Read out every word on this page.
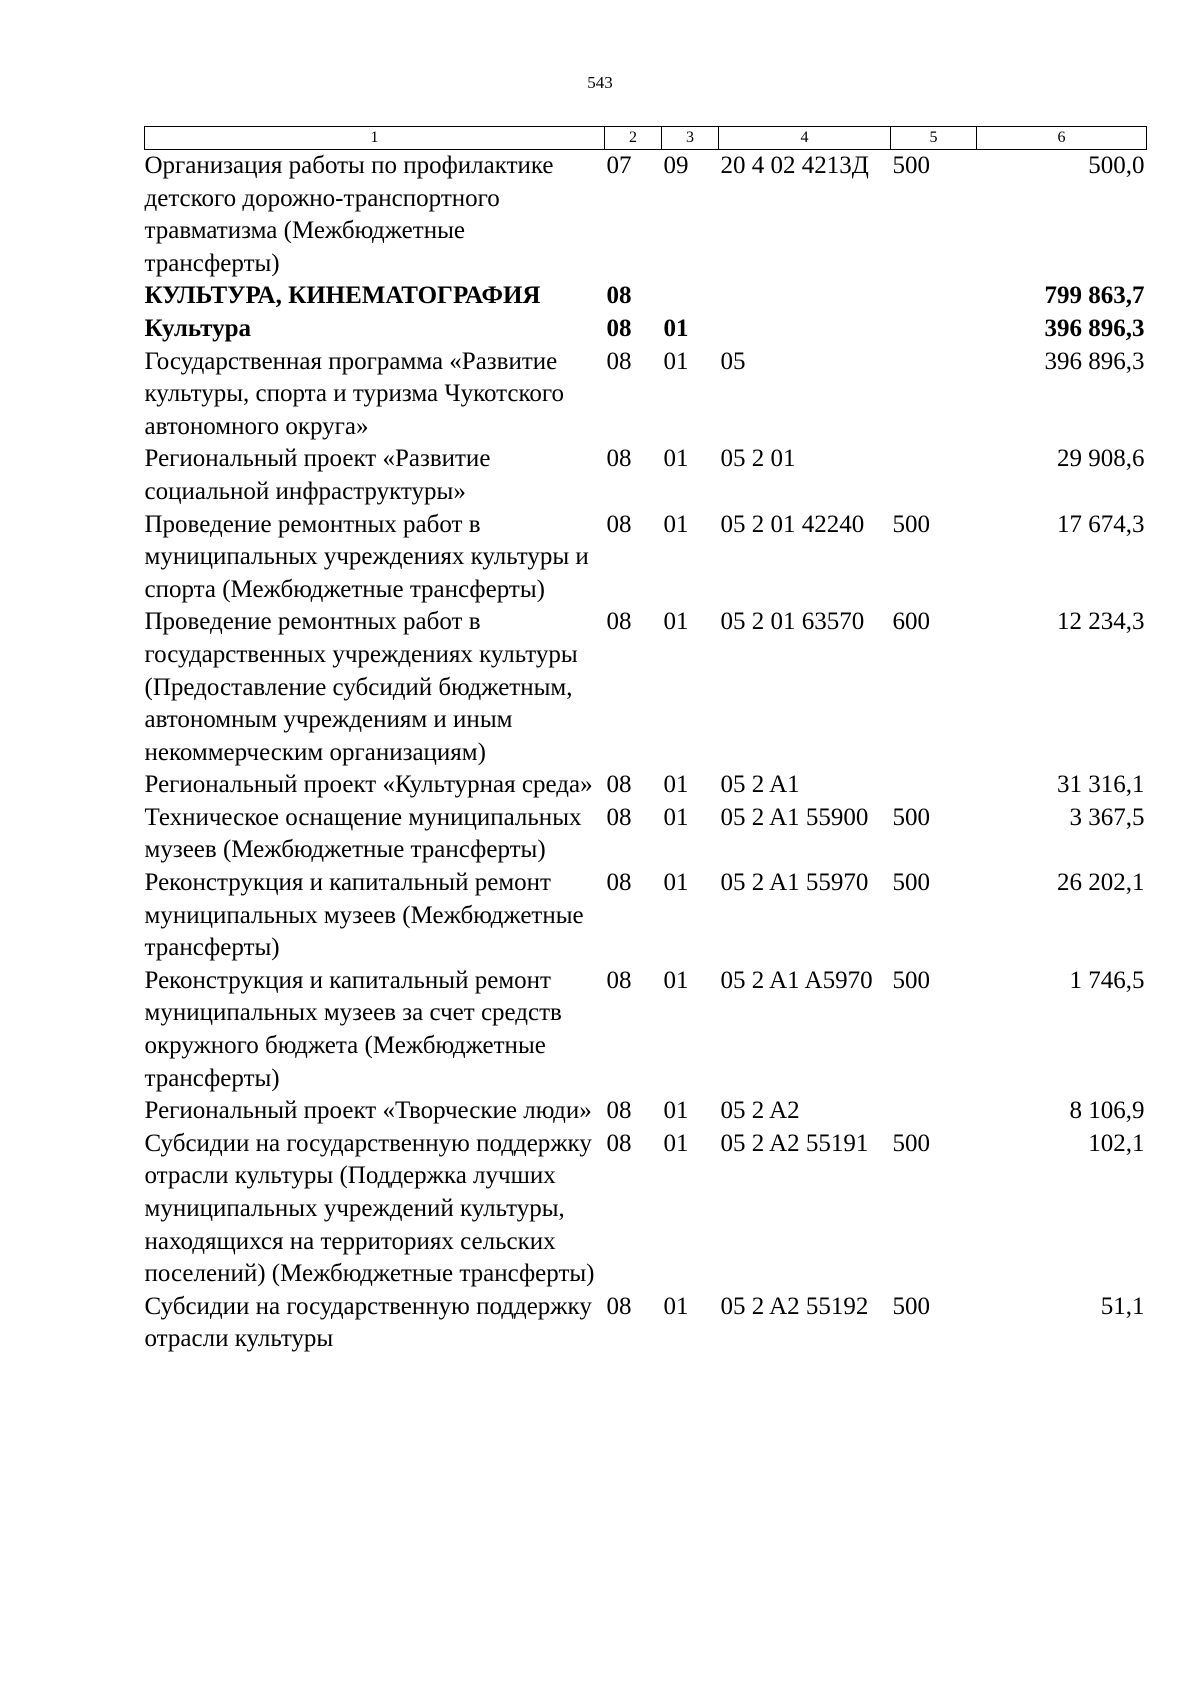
543
1	2	3	4	5	6
Организация работы по профилактике детского дорожно-транспортного травматизма (Межбюджетные трансферты)	07	09	20 4 02 4213Д	500	500,0
КУЛЬТУРА, КИНЕМАТОГРАФИЯ	08				799 863,7
Культура	08	01			396 896,3
Государственная программа «Развитие культуры, спорта и туризма Чукотского автономного округа»	08	01	05		396 896,3
Региональный проект «Развитие социальной инфраструктуры»	08	01	05 2 01		29 908,6
Проведение ремонтных работ в муниципальных учреждениях культуры и спорта (Межбюджетные трансферты)	08	01	05 2 01 42240	500	17 674,3
Проведение ремонтных работ в государственных учреждениях культуры (Предоставление субсидий бюджетным, автономным учреждениям и иным некоммерческим организациям)	08	01	05 2 01 63570	600	12 234,3
Региональный проект «Культурная среда»	08	01	05 2 A1		31 316,1
Техническое оснащение муниципальных музеев (Межбюджетные трансферты)	08	01	05 2 A1 55900	500	3 367,5
Реконструкция и капитальный ремонт муниципальных музеев (Межбюджетные трансферты)	08	01	05 2 A1 55970	500	26 202,1
Реконструкция и капитальный ремонт муниципальных музеев за счет средств окружного бюджета (Межбюджетные трансферты)	08	01	05 2 A1 A5970	500	1 746,5
Региональный проект «Творческие люди»	08	01	05 2 A2		8 106,9
Субсидии на государственную поддержку отрасли культуры (Поддержка лучших муниципальных учреждений культуры, находящихся на территориях сельских поселений) (Межбюджетные трансферты)	08	01	05 2 A2 55191	500	102,1
Субсидии на государственную поддержку отрасли культуры	08	01	05 2 A2 55192	500	51,1
